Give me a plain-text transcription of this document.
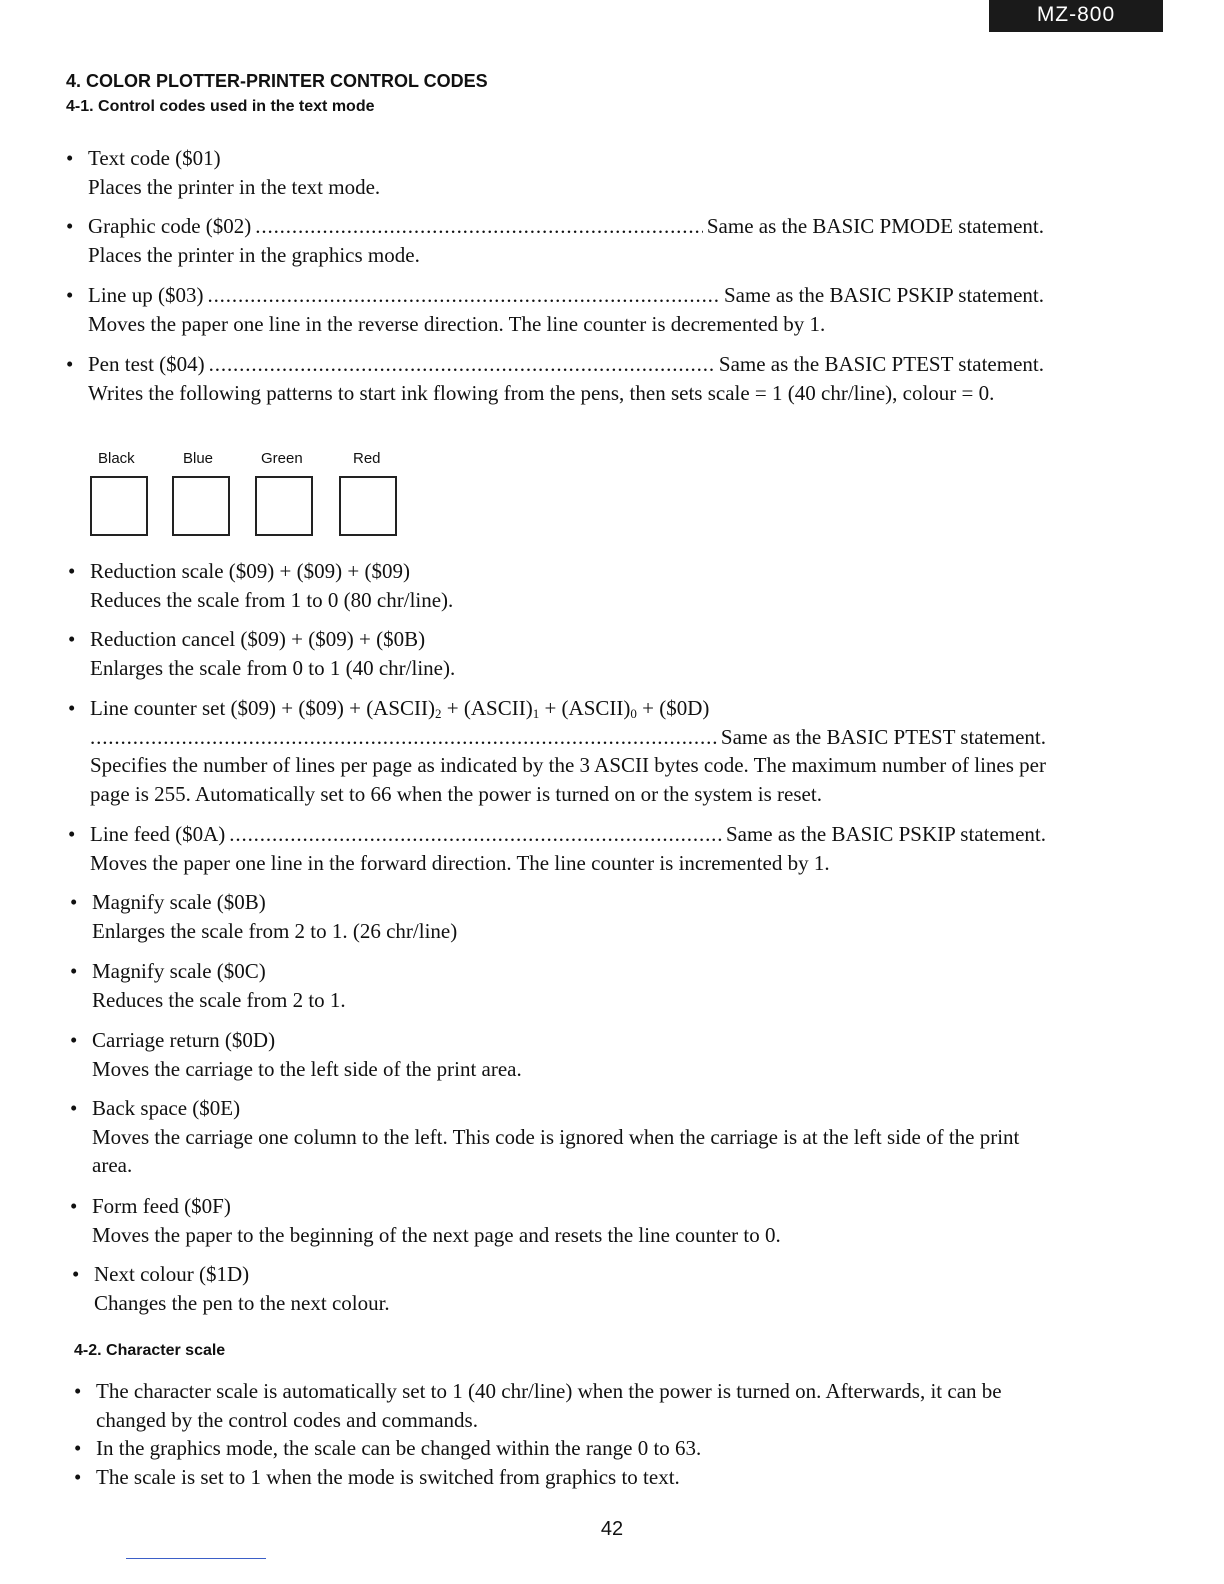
MZ-800
4. COLOR PLOTTER-PRINTER CONTROL CODES
4-1. Control codes used in the text mode
• Text code ($01)
Places the printer in the text mode.
• Graphic code ($02) . . .	Same as the BASIC PMODE statement.
Places the printer in the graphics mode.
• Line up ($03) . . .	Same as the BASIC PSKIP statement.
Moves the paper one line in the reverse direction. The line counter is decremented by 1.
• Pen test ($04) . . .	Same as the BASIC PTEST statement.
Writes the following patterns to start ink flowing from the pens, then sets scale = 1 (40 chr/line), colour = 0.
Black	Blue	Green	Red
• Reduction scale ($09) + ($09) + ($09)
Reduces the scale from 1 to 0 (80 chr/line).
• Reduction cancel ($09) + ($09) + ($0B)
Enlarges the scale from 0 to 1 (40 chr/line).
• Line counter set ($09) + ($09) + $(ASCII)_2$ + $(ASCII)_1$ + $(ASCII)_0$ + ($0D)
. . .
Same as the BASIC PTEST statement.
Specifies the number of lines per page as indicated by the 3 ASCII bytes code. The maximum number of lines per page is 255. Automatically set to 66 when the power is turned on or the system is reset.
• Line feed ($0A) . . .	Same as the BASIC PSKIP statement.
Moves the paper one line in the forward direction. The line counter is incremented by 1.
• Magnify scale ($0B)
Enlarges the scale from 2 to 1. (26 chr/line)
• Magnify scale ($0C)
Reduces the scale from 2 to 1.
• Carriage return ($0D)
Moves the carriage to the left side of the print area.
• Back space ($0E)
Moves the carriage one column to the left. This code is ignored when the carriage is at the left side of the print area.
• Form feed ($0F)
Moves the paper to the beginning of the next page and resets the line counter to 0.
• Next colour ($1D)
Changes the pen to the next colour.
4-2. Character scale
• The character scale is automatically set to 1 (40 chr/line) when the power is turned on. Afterwards, it can be changed by the control codes and commands.
• In the graphics mode, the scale can be changed within the range 0 to 63.
• The scale is set to 1 when the mode is switched from graphics to text.
42
